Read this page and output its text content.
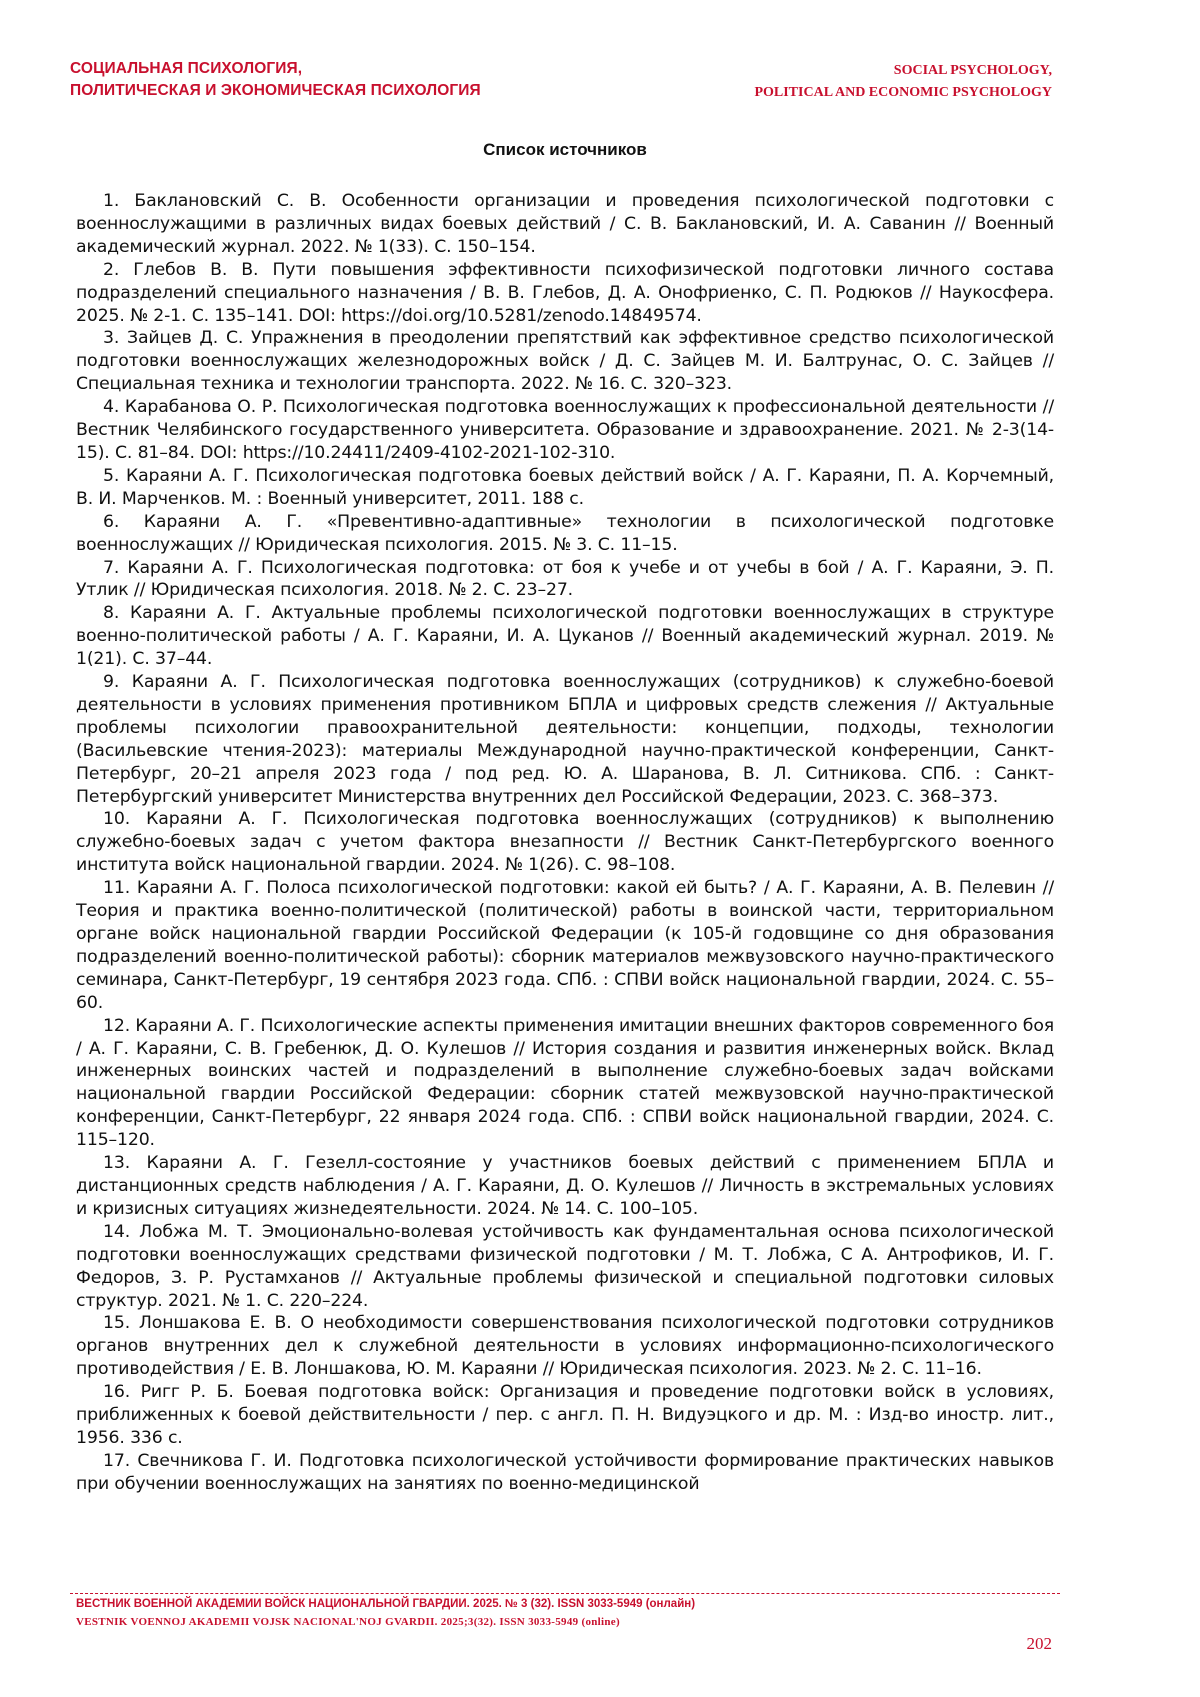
СОЦИАЛЬНАЯ ПСИХОЛОГИЯ,
ПОЛИТИЧЕСКАЯ И ЭКОНОМИЧЕСКАЯ ПСИХОЛОГИЯ
SOCIAL PSYCHOLOGY,
POLITICAL AND ECONOMIC PSYCHOLOGY
Список источников

1. Баклановский С. В. Особенности организации и проведения психологической подготовки с военнослужащими в различных видах боевых действий / С. В. Баклановский, И. А. Саванин // Военный академический журнал. 2022. № 1(33). С. 150–154.

2. Глебов В. В. Пути повышения эффективности психофизической подготовки личного состава подразделений специального назначения / В. В. Глебов, Д. А. Онофриенко, С. П. Родюков // Наукосфера. 2025. № 2-1. С. 135–141. DOI: https://doi.org/10.5281/zenodo.14849574.

3. Зайцев Д. С. Упражнения в преодолении препятствий как эффективное средство психологической подготовки военнослужащих железнодорожных войск / Д. С. Зайцев М. И. Балтрунас, О. С. Зайцев // Специальная техника и технологии транспорта. 2022. № 16. С. 320–323.

4. Карабанова О. Р. Психологическая подготовка военнослужащих к профессиональной деятельности // Вестник Челябинского государственного университета. Образование и здравоохранение. 2021. № 2-3(14-15). С. 81–84. DOI: https://10.24411/2409-4102-2021-102-310.

5. Караяни А. Г. Психологическая подготовка боевых действий войск / А. Г. Караяни, П. А. Корчемный, В. И. Марченков. М. : Военный университет, 2011. 188 с.

6. Караяни А. Г. «Превентивно-адаптивные» технологии в психологической подготовке военнослужащих // Юридическая психология. 2015. № 3. С. 11–15.

7. Караяни А. Г. Психологическая подготовка: от боя к учебе и от учебы в бой / А. Г. Караяни, Э. П. Утлик // Юридическая психология. 2018. № 2. С. 23–27.

8. Караяни А. Г. Актуальные проблемы психологической подготовки военнослужащих в структуре военно-политической работы / А. Г. Караяни, И. А. Цуканов // Военный академический журнал. 2019. № 1(21). С. 37–44.

9. Караяни А. Г. Психологическая подготовка военнослужащих (сотрудников) к служебно-боевой деятельности в условиях применения противником БПЛА и цифровых средств слежения // Актуальные проблемы психологии правоохранительной деятельности: концепции, подходы, технологии (Васильевские чтения-2023): материалы Международной научно-практической конференции, Санкт-Петербург, 20–21 апреля 2023 года / под ред. Ю. А. Шаранова, В. Л. Ситникова. СПб. : Санкт-Петербургский университет Министерства внутренних дел Российской Федерации, 2023. С. 368–373.

10. Караяни А. Г. Психологическая подготовка военнослужащих (сотрудников) к выполнению служебно-боевых задач с учетом фактора внезапности // Вестник Санкт-Петербургского военного института войск национальной гвардии. 2024. № 1(26). С. 98–108.

11. Караяни А. Г. Полоса психологической подготовки: какой ей быть? / А. Г. Караяни, А. В. Пелевин // Теория и практика военно-политической (политической) работы в воинской части, территориальном органе войск национальной гвардии Российской Федерации (к 105-й годовщине со дня образования подразделений военно-политической работы): сборник материалов межвузовского научно-практического семинара, Санкт-Петербург, 19 сентября 2023 года. СПб. : СПВИ войск национальной гвардии, 2024. С. 55–60.

12. Караяни А. Г. Психологические аспекты применения имитации внешних факторов современного боя / А. Г. Караяни, С. В. Гребенюк, Д. О. Кулешов // История создания и развития инженерных войск. Вклад инженерных воинских частей и подразделений в выполнение служебно-боевых задач войсками национальной гвардии Российской Федерации: сборник статей межвузовской научно-практической конференции, Санкт-Петербург, 22 января 2024 года. СПб. : СПВИ войск национальной гвардии, 2024. С. 115–120.

13. Караяни А. Г. Гезелл-состояние у участников боевых действий с применением БПЛА и дистанционных средств наблюдения / А. Г. Караяни, Д. О. Кулешов // Личность в экстремальных условиях и кризисных ситуациях жизнедеятельности. 2024. № 14. С. 100–105.

14. Лобжа М. Т. Эмоционально-волевая устойчивость как фундаментальная основа психологической подготовки военнослужащих средствами физической подготовки / М. Т. Лобжа, С А. Антрофиков, И. Г. Федоров, З. Р. Рустамханов // Актуальные проблемы физической и специальной подготовки силовых структур. 2021. № 1. С. 220–224.

15. Лоншакова Е. В. О необходимости совершенствования психологической подготовки сотрудников органов внутренних дел к служебной деятельности в условиях информационно-психологического противодействия / Е. В. Лоншакова, Ю. М. Караяни // Юридическая психология. 2023. № 2. С. 11–16.

16. Ригг Р. Б. Боевая подготовка войск: Организация и проведение подготовки войск в условиях, приближенных к боевой действительности / пер. с англ. П. Н. Видуэцкого и др. М. : Изд-во иностр. лит., 1956. 336 с.

17. Свечникова Г. И. Подготовка психологической устойчивости формирование практических навыков при обучении военнослужащих на занятиях по военно-медицинской

ВЕСТНИК ВОЕННОЙ АКАДЕМИИ ВОЙСК НАЦИОНАЛЬНОЙ ГВАРДИИ. 2025. № 3 (32). ISSN 3033-5949 (онлайн)
VESTNIK VOENNOJ AKADEMII VOJSK NACIONAL'NOJ GVARDII. 2025;3(32). ISSN 3033-5949 (online)
202
